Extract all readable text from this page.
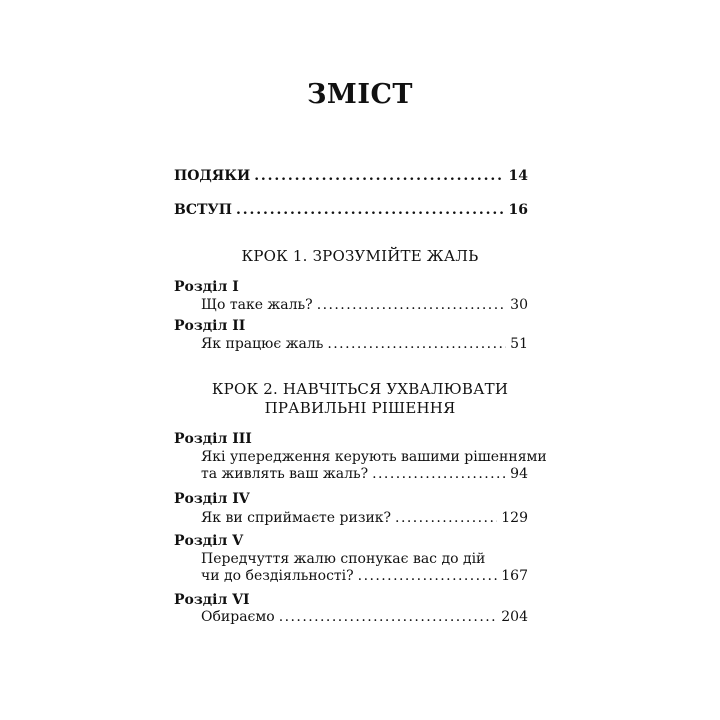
ЗМІСТ
ПОДЯКИ . . .	14
ВСТУП . . .	16
КРОК 1. ЗРОЗУМІЙТЕ ЖАЛЬ
Розділ I
Що таке жаль? . . .	30
Розділ II
Як працює жаль . . .	51
КРОК 2. НАВЧІТЬСЯ УХВАЛЮВАТИ
ПРАВИЛЬНІ РІШЕННЯ
Розділ III
Які упередження керують вашими рішеннями
та живлять ваш жаль? . . .	94
Розділ IV
Як ви сприймаєте ризик? . . .	129
Розділ V
Передчуття жалю спонукає вас до дій
чи до бездіяльності? . . .	167
Розділ VI
Обираємо . . .	204
